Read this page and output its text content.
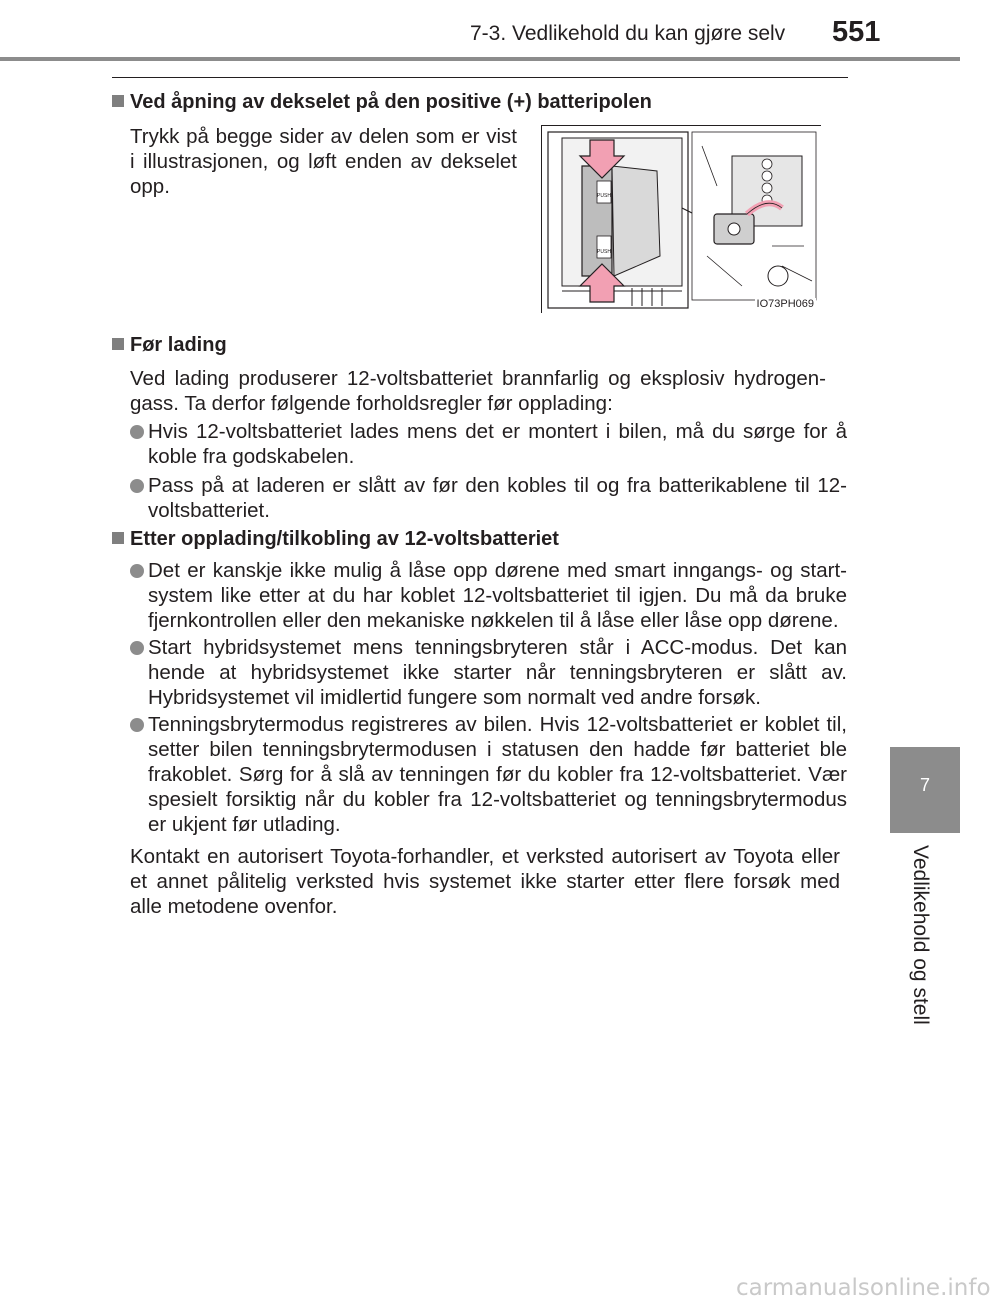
7-3. Vedlikehold du kan gjøre selv 551
7
Vedlikehold og stell
Ved åpning av dekselet på den positive (+) batteripolen
Trykk på begge sider av delen som er vist
i illustrasjonen, og løft enden av dekselet
opp.	PUSH
PUSH
IO73PH069
Før lading
Ved lading produserer 12-voltsbatteriet brannfarlig og eksplosiv hydrogen-
gass. Ta derfor følgende forholdsregler før opplading:
Hvis 12-voltsbatteriet lades mens det er montert i bilen, må du sørge for å
koble fra godskabelen.
Pass på at laderen er slått av før den kobles til og fra batterikablene til 12-
voltsbatteriet.
Etter opplading/tilkobling av 12-voltsbatteriet
Det er kanskje ikke mulig å låse opp dørene med smart inngangs- og start-
system like etter at du har koblet 12-voltsbatteriet til igjen. Du må da bruke
fjernkontrollen eller den mekaniske nøkkelen til å låse eller låse opp dørene.
Start hybridsystemet mens tenningsbryteren står i ACC-modus. Det kan
hende at hybridsystemet ikke starter når tenningsbryteren er slått av.
Hybridsystemet vil imidlertid fungere som normalt ved andre forsøk.
Tenningsbrytermodus registreres av bilen. Hvis 12-voltsbatteriet er koblet til,
setter bilen tenningsbrytermodusen i statusen den hadde før batteriet ble
frakoblet. Sørg for å slå av tenningen før du kobler fra 12-voltsbatteriet. Vær
spesielt forsiktig når du kobler fra 12-voltsbatteriet og tenningsbrytermodus
er ukjent før utlading.
Kontakt en autorisert Toyota-forhandler, et verksted autorisert av Toyota eller
et annet pålitelig verksted hvis systemet ikke starter etter flere forsøk med
alle metodene ovenfor.
carmanualsonline.info
